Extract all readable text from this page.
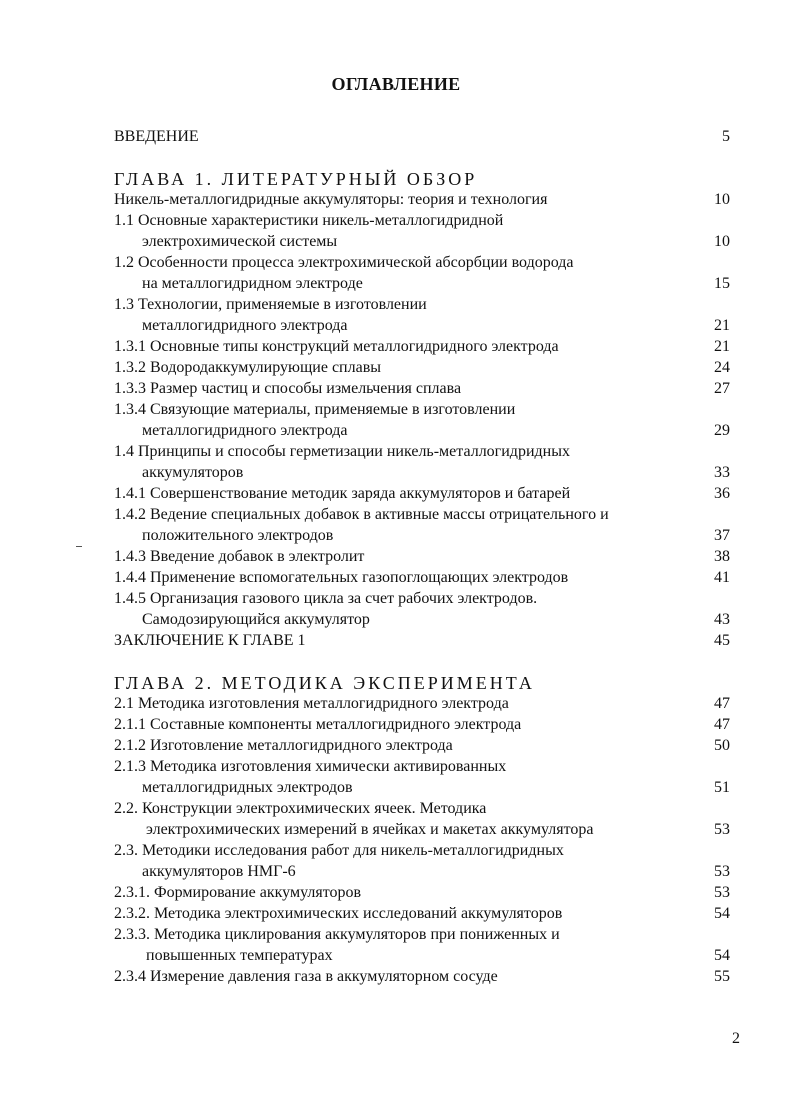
ОГЛАВЛЕНИЕ
ВВЕДЕНИЕ	5
ГЛАВА 1. ЛИТЕРАТУРНЫЙ ОБЗОР
Никель-металлогидридные аккумуляторы: теория и технология	10
1.1 Основные характеристики никель-металлогидридной
электрохимической системы	10
1.2 Особенности процесса электрохимической абсорбции водорода
на металлогидридном электроде	15
1.3 Технологии, применяемые в изготовлении
металлогидридного электрода	21
1.3.1 Основные типы конструкций металлогидридного электрода	21
1.3.2 Водородаккумулирующие сплавы	24
1.3.3 Размер частиц и способы измельчения сплава	27
1.3.4 Связующие материалы, применяемые в изготовлении
металлогидридного электрода	29
1.4 Принципы и способы герметизации никель-металлогидридных
аккумуляторов	33
1.4.1 Совершенствование методик заряда аккумуляторов и батарей	36
1.4.2 Ведение специальных добавок в активные массы отрицательного и
положительного электродов	37
1.4.3 Введение добавок в электролит	38
1.4.4 Применение вспомогательных газопоглощающих электродов	41
1.4.5 Организация газового цикла за счет рабочих электродов.
Самодозирующийся аккумулятор	43
ЗАКЛЮЧЕНИЕ К ГЛАВЕ 1	45
ГЛАВА 2. МЕТОДИКА ЭКСПЕРИМЕНТА
2.1 Методика изготовления металлогидридного электрода	47
2.1.1 Составные компоненты металлогидридного электрода	47
2.1.2 Изготовление металлогидридного электрода	50
2.1.3 Методика изготовления химически активированных
металлогидридных электродов	51
2.2. Конструкции электрохимических ячеек. Методика
электрохимических измерений в ячейках и макетах аккумулятора	53
2.3. Методики исследования работ для никель-металлогидридных
аккумуляторов НМГ-6	53
2.3.1. Формирование аккумуляторов	53
2.3.2. Методика электрохимических исследований аккумуляторов	54
2.3.3. Методика циклирования аккумуляторов при пониженных и
повышенных температурах	54
2.3.4 Измерение давления газа в аккумуляторном сосуде	55
2
